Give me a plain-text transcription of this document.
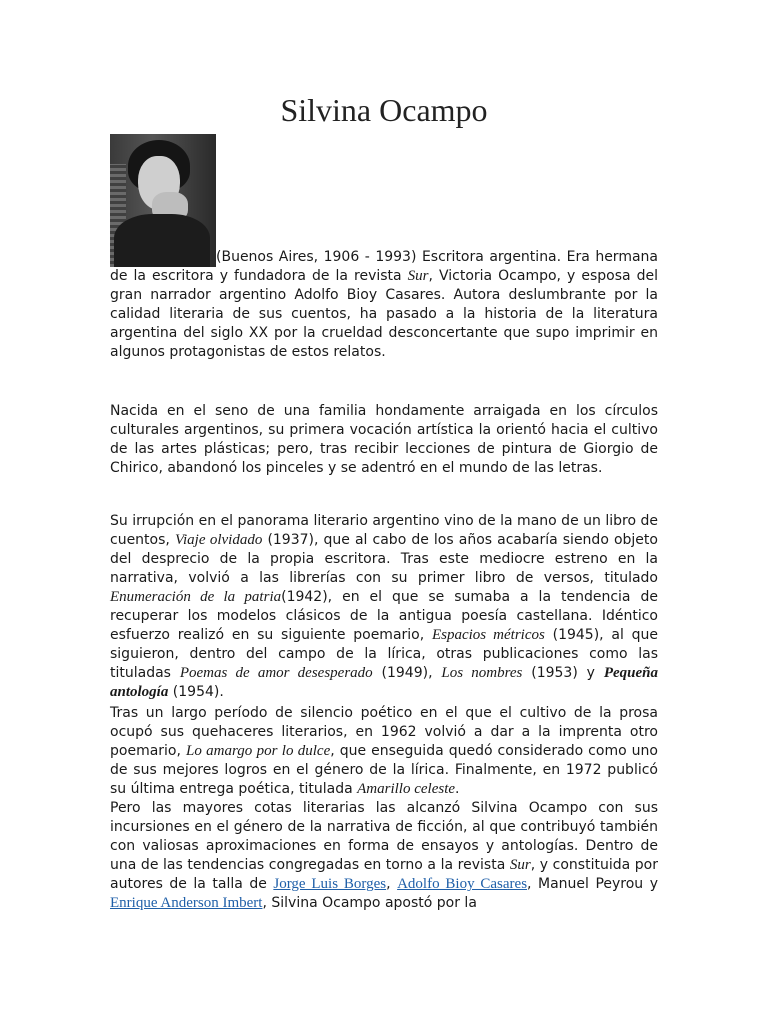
Silvina Ocampo

(Buenos Aires, 1906 - 1993) Escritora argentina. Era hermana de la escritora y fundadora de la revista Sur, Victoria Ocampo, y esposa del gran narrador argentino Adolfo Bioy Casares. Autora deslumbrante por la calidad literaria de sus cuentos, ha pasado a la historia de la literatura argentina del siglo XX por la crueldad desconcertante que supo imprimir en algunos protagonistas de estos relatos.

Nacida en el seno de una familia hondamente arraigada en los círculos culturales argentinos, su primera vocación artística la orientó hacia el cultivo de las artes plásticas; pero, tras recibir lecciones de pintura de Giorgio de Chirico, abandonó los pinceles y se adentró en el mundo de las letras.

Su irrupción en el panorama literario argentino vino de la mano de un libro de cuentos, Viaje olvidado (1937), que al cabo de los años acabaría siendo objeto del desprecio de la propia escritora. Tras este mediocre estreno en la narrativa, volvió a las librerías con su primer libro de versos, titulado Enumeración de la patria(1942), en el que se sumaba a la tendencia de recuperar los modelos clásicos de la antigua poesía castellana. Idéntico esfuerzo realizó en su siguiente poemario, Espacios métricos (1945), al que siguieron, dentro del campo de la lírica, otras publicaciones como las tituladas Poemas de amor desesperado (1949), Los nombres (1953) y Pequeña antología (1954).

Tras un largo período de silencio poético en el que el cultivo de la prosa ocupó sus quehaceres literarios, en 1962 volvió a dar a la imprenta otro poemario, Lo amargo por lo dulce, que enseguida quedó considerado como uno de sus mejores logros en el género de la lírica. Finalmente, en 1972 publicó su última entrega poética, titulada Amarillo celeste.

Pero las mayores cotas literarias las alcanzó Silvina Ocampo con sus incursiones en el género de la narrativa de ficción, al que contribuyó también con valiosas aproximaciones en forma de ensayos y antologías. Dentro de una de las tendencias congregadas en torno a la revista Sur, y constituida por autores de la talla de Jorge Luis Borges, Adolfo Bioy Casares, Manuel Peyrou y Enrique Anderson Imbert, Silvina Ocampo apostó por la
